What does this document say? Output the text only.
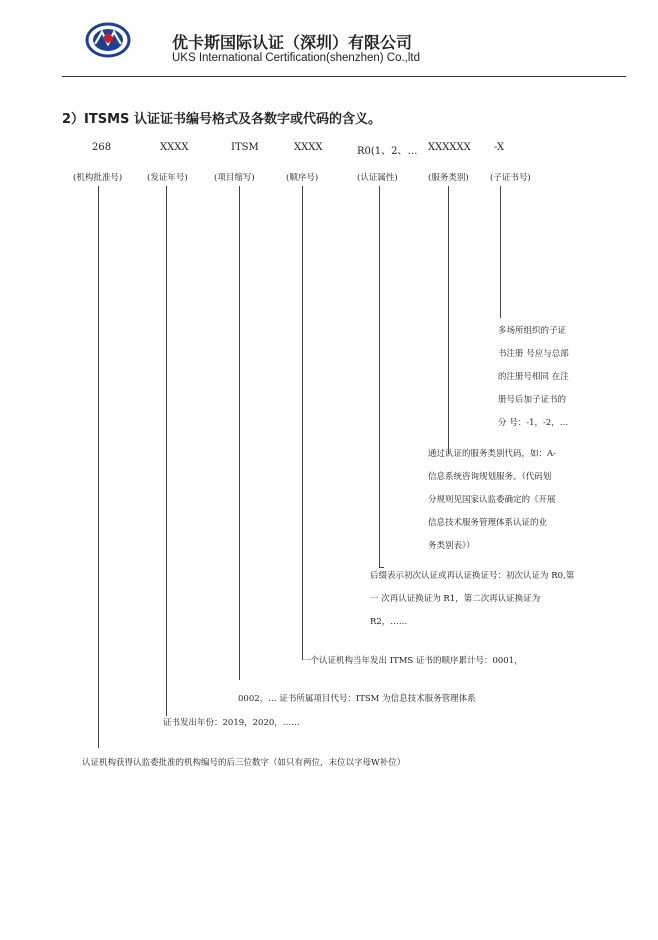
优卡斯国际认证（深圳）有限公司
UKS International Certification(shenzhen) Co.,ltd
2）ITSMS 认证证书编号格式及各数字或代码的含义。
268	XXXX	ITSM	XXXX	R0(1、2、… XXXXXX -X
(机构批准号)	(发证年号)	(项目缩写)	(顺序号)	(认证属性)	(服务类别)	(子证书号)
多场所组织的子证
书注册 号应与总部
的注册号相同 在注
册号后加子证书的
分 号：-1，-2，…
通过认证的服务类别代码，如：A-
信息系统咨询规划服务。（代码划
分规则见国家认监委确定的《开展
信息技术服务管理体系认证的业
务类别表》）
后缀表示初次认证或再认证换证号：初次认证为 R0,第
一 次再认证换证为 R1，第二次再认证换证为
R2，……
一个认证机构当年发出 ITMS 证书的顺序累计号：0001，
0002，… 证书所属项目代号：ITSM 为信息技术服务管理体系
证书发出年份：2019，2020，……
认证机构获得认监委批准的机构编号的后三位数字（如只有两位，末位以字母W补位）
